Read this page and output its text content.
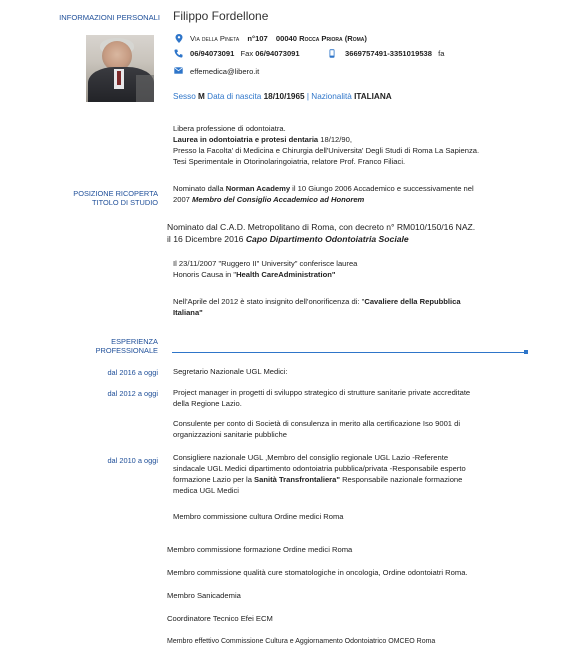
INFORMAZIONI PERSONALI Filippo Fordellone
Via della Pineta n°107 00040 Rocca Priora (Roma)
06/94073091 Fax 06/94073091	3669757491-3351019538 fa
effemedica@libero.it
Sesso M Data di nascita 18/10/1965 | Nazionalità ITALIANA
Libera professione di odontoiatra.
Laurea in odontoiatria e protesi dentaria 18/12/90,
Presso la Facolta' di Medicina e Chirurgia dell'Universita' Degli Studi di Roma La Sapienza.
Tesi Sperimentale in Otorinolaringoiatria, relatore Prof. Franco Filiaci.
POSIZIONE RICOPERTA
TITOLO DI STUDIO
Nominato dalla Norman Academy il 10 Giungo 2006 Accademico e successivamente nel
2007 Membro del Consiglio Accademico ad Honorem
Nominato dal C.A.D. Metropolitano di Roma, con decreto n° RM010/150/16 NAZ.
il 16 Dicembre 2016 Capo Dipartimento Odontoiatria Sociale
Il 23/11/2007 "Ruggero II" University" conferisce laurea
Honoris Causa in "Health CareAdministration"
Nell'Aprile del 2012 è stato insignito dell'onorificenza di: "Cavaliere della Repubblica
Italiana"
ESPERIENZA
PROFESSIONALE
dal 2016 a oggi Segretario Nazionale UGL Medici:
dal 2012 a oggi Project manager in progetti di sviluppo strategico di strutture sanitarie private accreditate
della Regione Lazio.
Consulente per conto di Società di consulenza in merito alla certificazione Iso 9001 di
organizzazioni sanitarie pubbliche
dal 2010 a oggi Consigliere nazionale UGL ,Membro del consiglio regionale UGL Lazio -Referente
sindacale UGL Medici dipartimento odontoiatria pubblica/privata -Responsabile esperto
formazione Lazio per la Sanità Transfrontaliera" Responsabile nazionale formazione
medica UGL Medici
Membro commissione cultura Ordine medici Roma
Membro commissione formazione Ordine medici Roma
Membro commissione qualità cure stomatologiche in oncologia, Ordine odontoiatri Roma.
Membro Sanicademia
Coordinatore Tecnico Efei ECM
Membro effettivo Commissione Cultura e Aggiornamento Odontoiatrico OMCEO Roma
